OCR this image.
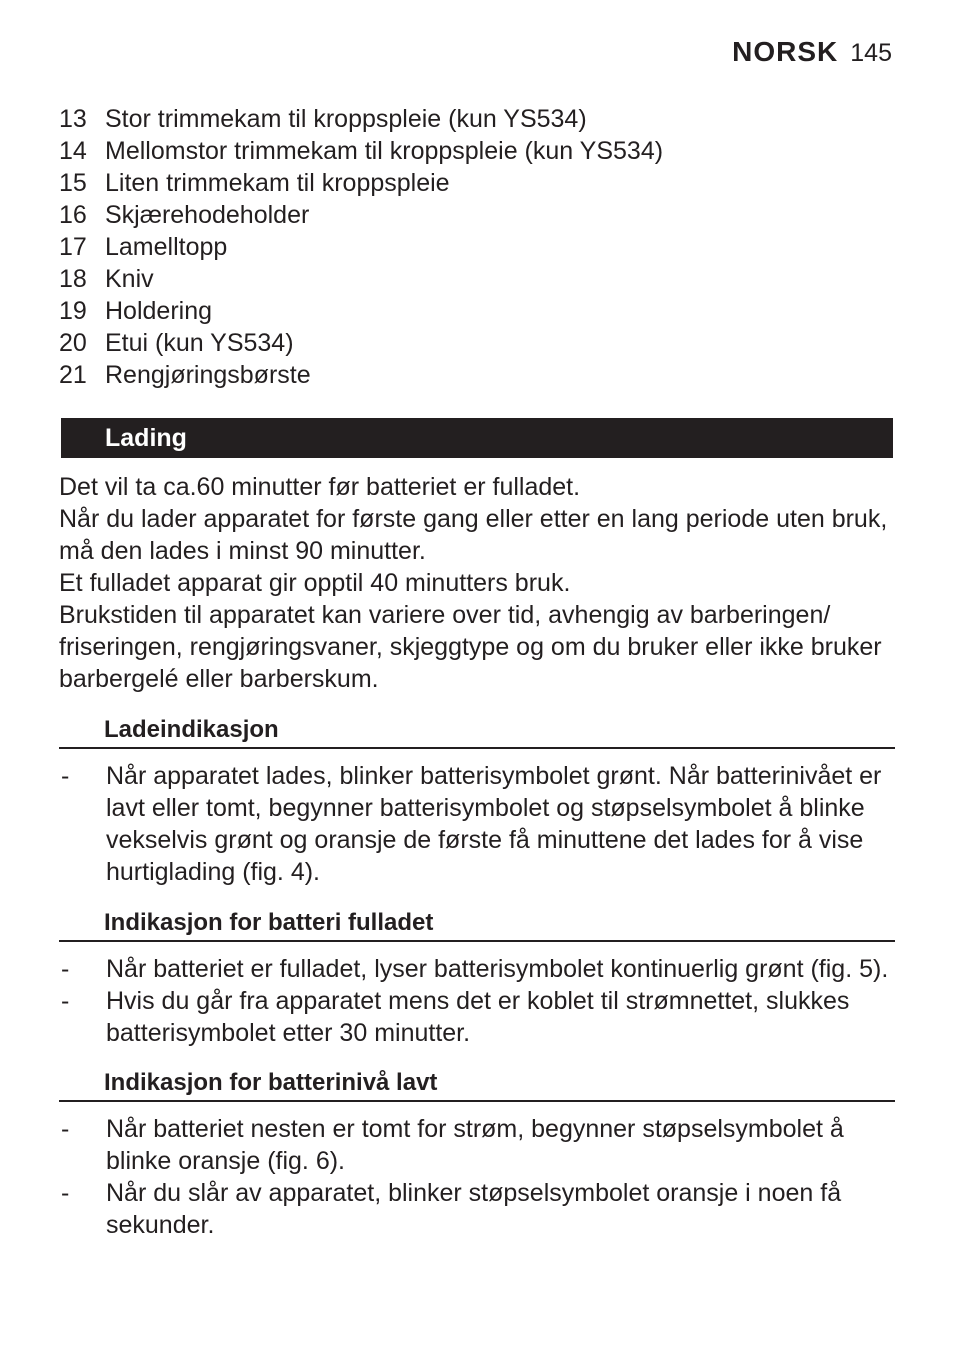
NORSK 145
13 Stor trimmekam til kroppspleie (kun YS534)
14 Mellomstor trimmekam til kroppspleie (kun YS534)
15 Liten trimmekam til kroppspleie
16 Skjærehodeholder
17 Lamelltopp
18 Kniv
19 Holdering
20 Etui (kun YS534)
21 Rengjøringsbørste
Lading

Det vil ta ca.60 minutter før batteriet er fulladet.

Når du lader apparatet for første gang eller etter en lang periode uten bruk, må den lades i minst 90 minutter.

Et fulladet apparat gir opptil 40 minutters bruk.

Brukstiden til apparatet kan variere over tid, avhengig av barberingen/ friseringen, rengjøringsvaner, skjeggtype og om du bruker eller ikke bruker barbergelé eller barberskum.

Ladeindikasjon
-	Når apparatet lades, blinker batterisymbolet grønt. Når batterinivået er lavt eller tomt, begynner batterisymbolet og støpselsymbolet å blinke vekselvis grønt og oransje de første få minuttene det lades for å vise hurtiglading (fig. 4).
Indikasjon for batteri fulladet
-	Når batteriet er fulladet, lyser batterisymbolet kontinuerlig grønt (fig. 5).
-	Hvis du går fra apparatet mens det er koblet til strømnettet, slukkes batterisymbolet etter 30 minutter.
Indikasjon for batterinivå lavt
-	Når batteriet nesten er tomt for strøm, begynner støpselsymbolet å blinke oransje (fig. 6).
-	Når du slår av apparatet, blinker støpselsymbolet oransje i noen få sekunder.
